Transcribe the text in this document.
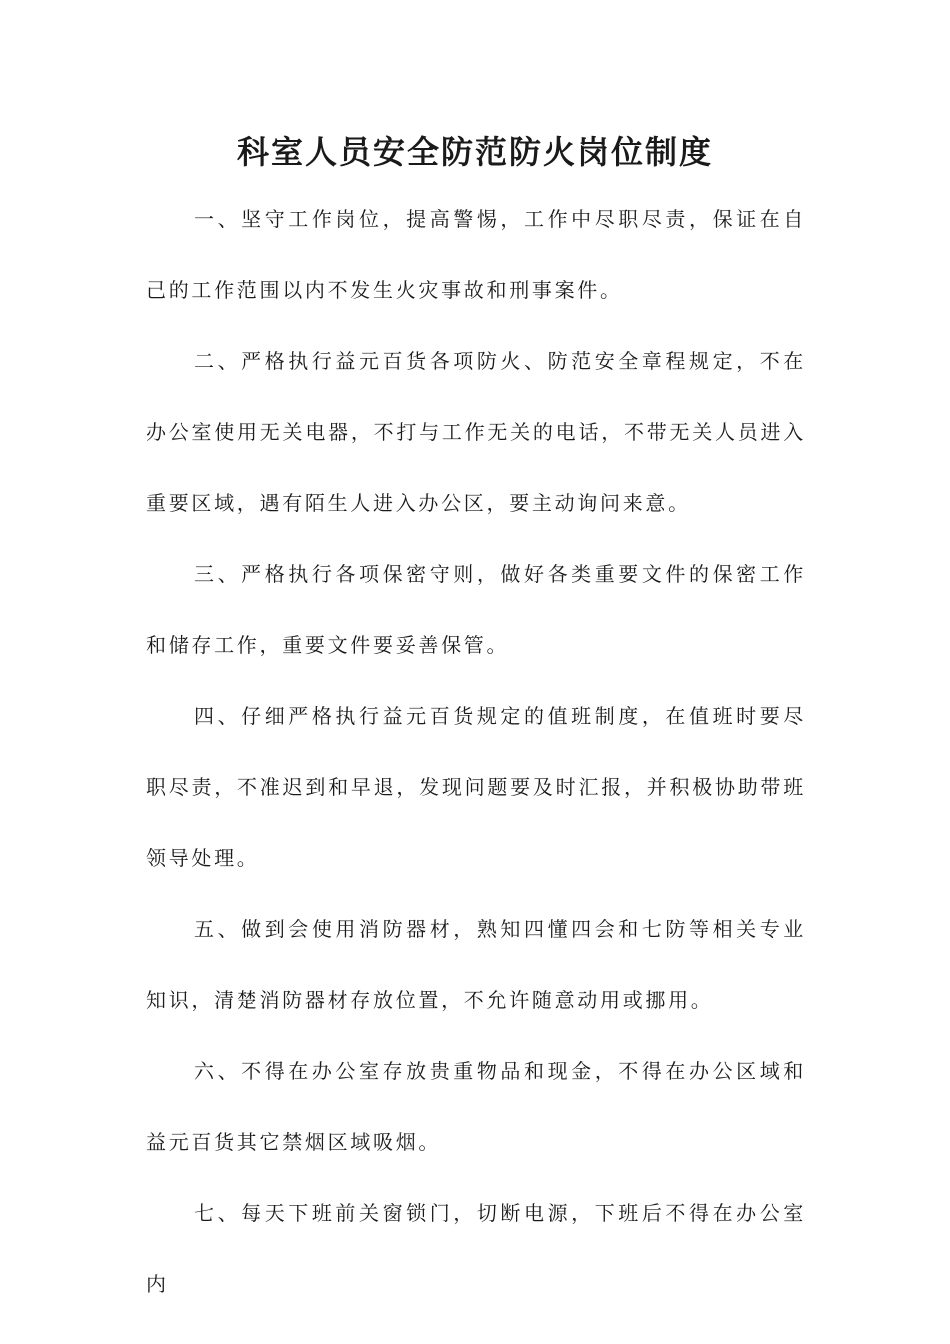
科室人员安全防范防火岗位制度

一、坚守工作岗位，提高警惕，工作中尽职尽责，保证在自己的工作范围以内不发生火灾事故和刑事案件。

二、严格执行益元百货各项防火、防范安全章程规定，不在办公室使用无关电器，不打与工作无关的电话，不带无关人员进入重要区域，遇有陌生人进入办公区，要主动询问来意。

三、严格执行各项保密守则，做好各类重要文件的保密工作和储存工作，重要文件要妥善保管。

四、仔细严格执行益元百货规定的值班制度，在值班时要尽职尽责，不准迟到和早退，发现问题要及时汇报，并积极协助带班领导处理。

五、做到会使用消防器材，熟知四懂四会和七防等相关专业知识，清楚消防器材存放位置，不允许随意动用或挪用。

六、不得在办公室存放贵重物品和现金，不得在办公区域和益元百货其它禁烟区域吸烟。

七、每天下班前关窗锁门，切断电源，下班后不得在办公室内
